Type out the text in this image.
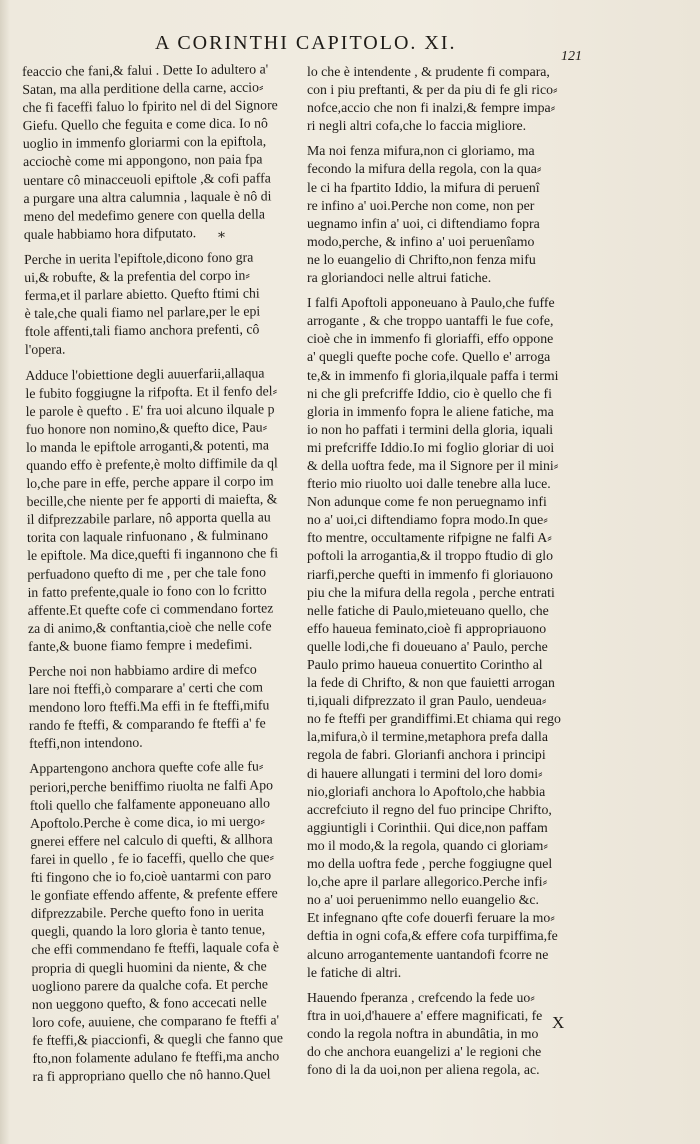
A CORINTHI CAPITOLO. XI.
121
feaccio che fani,& falui . Dette Io adultero a'
Satan, ma alla perditione della carne, accio⸗
che fi faceffi faluo lo fpirito nel di del Signore
Giefu. Quello che feguita e come dica. Io nô
uoglio in immenfo gloriarmi con la epiftola,
acciochè come mi appongono, non paia fpa
uentare cô minacceuoli epiftole ,& cofi paffa
a purgare una altra calumnia , laquale è nô di
meno del medefimo genere con quella della
quale habbiamo hora difputato.
Perche in uerita l'epiftole,dicono fono gra
ui,& robufte, & la prefentia del corpo in⸗
ferma,et il parlare abietto. Quefto ftimi chi
è tale,che quali fiamo nel parlare,per le epi
ftole affenti,tali fiamo anchora prefenti, cô
l'opera.
Adduce l'obiettione degli auuerfarii,allaqua
le fubito foggiugne la rifpofta. Et il fenfo del⸗
le parole è quefto . E' fra uoi alcuno ilquale p
fuo honore non nomino,& quefto dice, Pau⸗
lo manda le epiftole arroganti,& potenti, ma
quando effo è prefente,è molto diffimile da ql
lo,che pare in effe, perche appare il corpo im
becille,che niente per fe apporti di maiefta, &
il difprezzabile parlare, nô apporta quella au
torita con laquale rinfuonano , & fulminano
le epiftole. Ma dice,quefti fi ingannono che fi
perfuadono quefto di me , per che tale fono
in fatto prefente,quale io fono con lo fcritto
affente.Et quefte cofe ci commendano fortez
za di animo,& conftantia,cioè che nelle cofe
fante,& buone fiamo fempre i medefimi.
Perche noi non habbiamo ardire di mefco
lare noi fteffi,ò comparare a' certi che com
mendono loro fteffi.Ma effi in fe fteffi,mifu
rando fe fteffi, & comparando fe fteffi a' fe
fteffi,non intendono.
Appartengono anchora quefte cofe alle fu⸗
periori,perche beniffimo riuolta ne falfi Apo
ftoli quello che falfamente apponeuano allo
Apoftolo.Perche è come dica, io mi uergo⸗
gnerei effere nel calculo di quefti, & allhora
farei in quello , fe io faceffi, quello che que⸗
fti fingono che io fo,cioè uantarmi con paro
le gonfiate effendo affente, & prefente effere
difprezzabile. Perche quefto fono in uerita
quegli, quando la loro gloria è tanto tenue,
che effi commendano fe fteffi, laquale cofa è
propria di quegli huomini da niente, & che
uogliono parere da qualche cofa. Et perche
non ueggono quefto, & fono accecati nelle
loro cofe, auuiene, che comparano fe fteffi a'
fe fteffi,& piaccionfi, & quegli che fanno que
fto,non folamente adulano fe fteffi,ma ancho
ra fi appropriano quello che nô hanno.Quel
lo che è intendente , & prudente fi compara,
con i piu preftanti, & per da piu di fe gli rico⸗
nofce,accio che non fi inalzi,& fempre impa⸗
ri negli altri cofa,che lo faccia migliore.
Ma noi fenza mifura,non ci gloriamo, ma
fecondo la mifura della regola, con la qua⸗
le ci ha fpartito Iddio, la mifura di peruenî
re infino a' uoi.Perche non come, non per
uegnamo infin a' uoi, ci diftendiamo fopra
modo,perche, & infino a' uoi peruenîamo
ne lo euangelio di Chrifto,non fenza mifu
ra gloriandoci nelle altrui fatiche.
I falfi Apoftoli apponeuano à Paulo,che fuffe
arrogante , & che troppo uantaffi le fue cofe,
cioè che in immenfo fi gloriaffi, effo oppone
a' quegli quefte poche cofe. Quello e' arroga
te,& in immenfo fi gloria,ilquale paffa i termi
ni che gli prefcriffe Iddio, cio è quello che fi
gloria in immenfo fopra le aliene fatiche, ma
io non ho paffati i termini della gloria, iquali
mi prefcriffe Iddio.Io mi foglio gloriar di uoi
& della uoftra fede, ma il Signore per il mini⸗
fterio mio riuolto uoi dalle tenebre alla luce.
Non adunque come fe non peruegnamo infi
no a' uoi,ci diftendiamo fopra modo.In que⸗
fto mentre, occultamente rifpigne ne falfi A⸗
poftoli la arrogantia,& il troppo ftudio di glo
riarfi,perche quefti in immenfo fi gloriauono
piu che la mifura della regola , perche entrati
nelle fatiche di Paulo,mieteuano quello, che
effo haueua feminato,cioè fi appropriauono
quelle lodi,che fi doueuano a' Paulo, perche
Paulo primo haueua conuertito Corintho al
la fede di Chrifto, & non que fauietti arrogan
ti,iquali difprezzato il gran Paulo, uendeua⸗
no fe fteffi per grandiffimi.Et chiama qui rego
la,mifura,ò il termine,metaphora prefa dalla
regola de fabri. Glorianfi anchora i principi
di hauere allungati i termini del loro domi⸗
nio,gloriafi anchora lo Apoftolo,che habbia
accrefciuto il regno del fuo principe Chrifto,
aggiuntigli i Corinthii. Qui dice,non paffam
mo il modo,& la regola, quando ci gloriam⸗
mo della uoftra fede , perche foggiugne quel
lo,che apre il parlare allegorico.Perche infi⸗
no a' uoi peruenimmo nello euangelio &c.
Et infegnano qfte cofe douerfi feruare la mo⸗
deftia in ogni cofa,& effere cofa turpiffima,fe
alcuno arrogantemente uantandofi fcorre ne
le fatiche di altri.
Hauendo fperanza , crefcendo la fede uo⸗
ftra in uoi,d'hauere a' effere magnificati, fe
condo la regola noftra in abundâtia, in mo
do che anchora euangelizi a' le regioni che
fono di la da uoi,non per aliena regola, ac.
*
X
